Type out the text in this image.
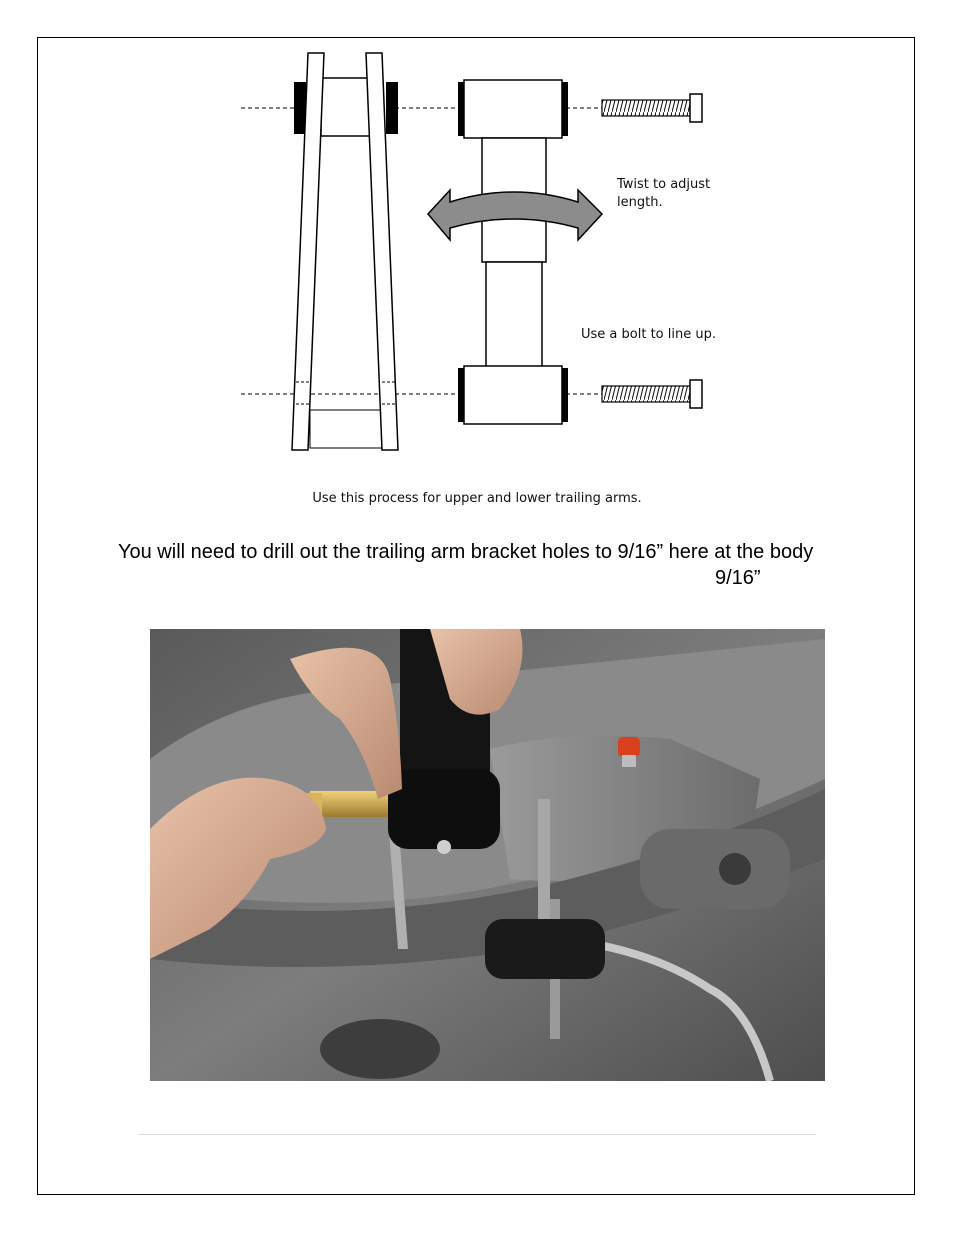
Twist to adjust
length.
Use a bolt to line up.
Use this process for upper and lower trailing arms.
You will need to drill out the trailing arm bracket holes to 9/16” here at the body
9/16”
